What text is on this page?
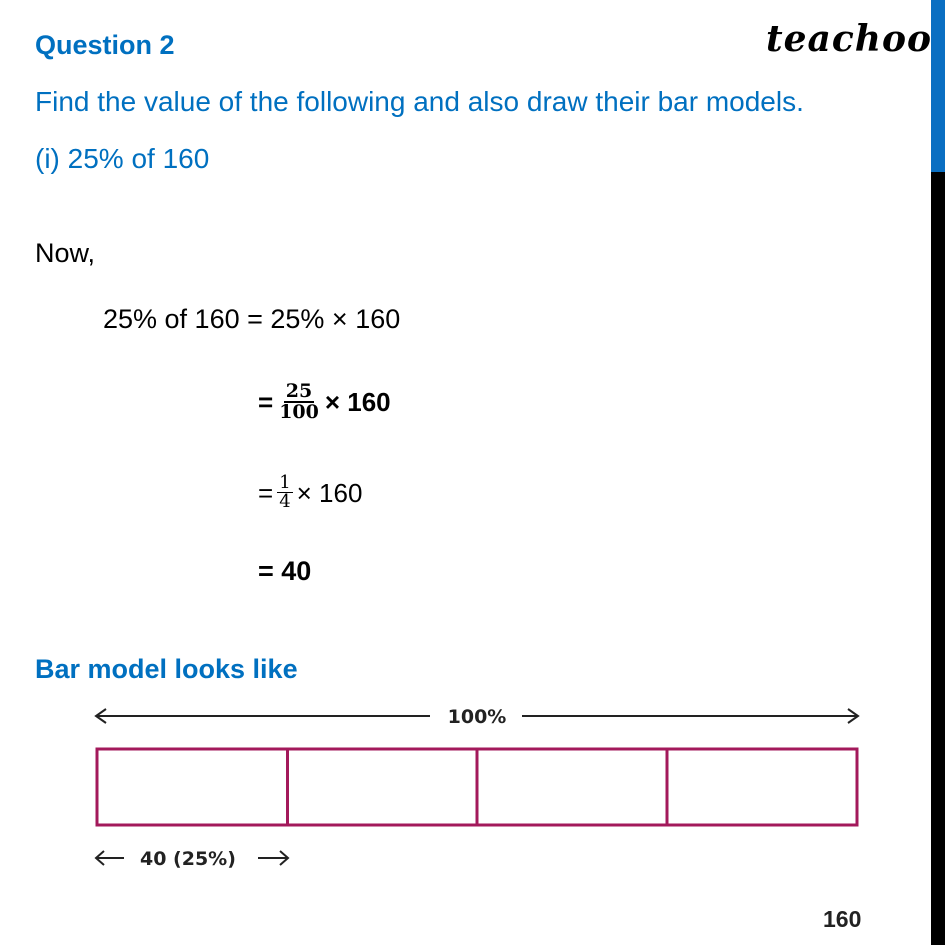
Question 2	teachoo
Find the value of the following and also draw their bar models.
(i) 25% of 160
Now,
25% of 160 = 25% × 160
= $\frac{25}{100} \times 160$
= $\frac{1}{4} \times 160$
= 40
Bar model looks like
100%
40 (25%)
160
